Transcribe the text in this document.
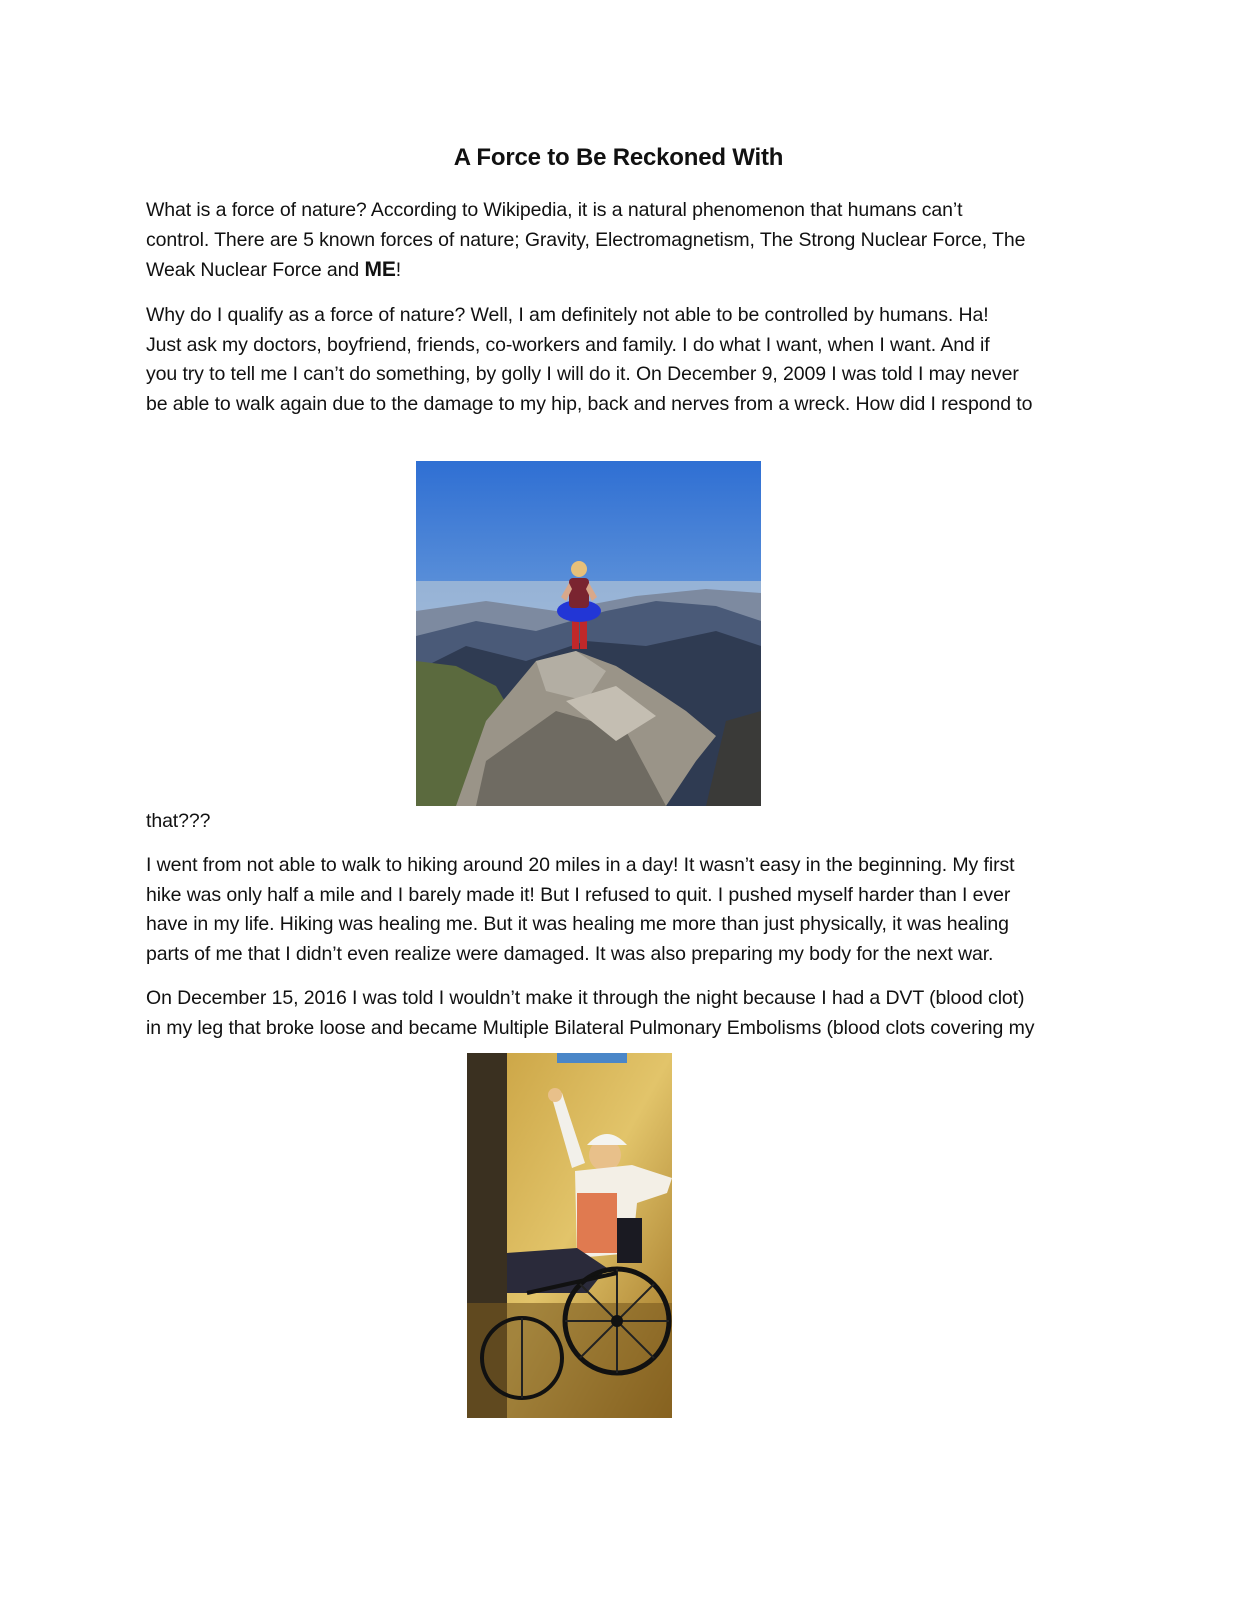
A Force to Be Reckoned With

What is a force of nature? According to Wikipedia, it is a natural phenomenon that humans can’t
control. There are 5 known forces of nature; Gravity, Electromagnetism, The Strong Nuclear Force, The
Weak Nuclear Force and ME!

Why do I qualify as a force of nature? Well, I am definitely not able to be controlled by humans. Ha!
Just ask my doctors, boyfriend, friends, co-workers and family. I do what I want, when I want. And if
you try to tell me I can’t do something, by golly I will do it. On December 9, 2009 I was told I may never
be able to walk again due to the damage to my hip, back and nerves from a wreck. How did I respond to

that???

I went from not able to walk to hiking around 20 miles in a day! It wasn’t easy in the beginning. My first
hike was only half a mile and I barely made it! But I refused to quit. I pushed myself harder than I ever
have in my life. Hiking was healing me. But it was healing me more than just physically, it was healing
parts of me that I didn’t even realize were damaged. It was also preparing my body for the next war.

On December 15, 2016 I was told I wouldn’t make it through the night because I had a DVT (blood clot)
in my leg that broke loose and became Multiple Bilateral Pulmonary Embolisms (blood clots covering my
